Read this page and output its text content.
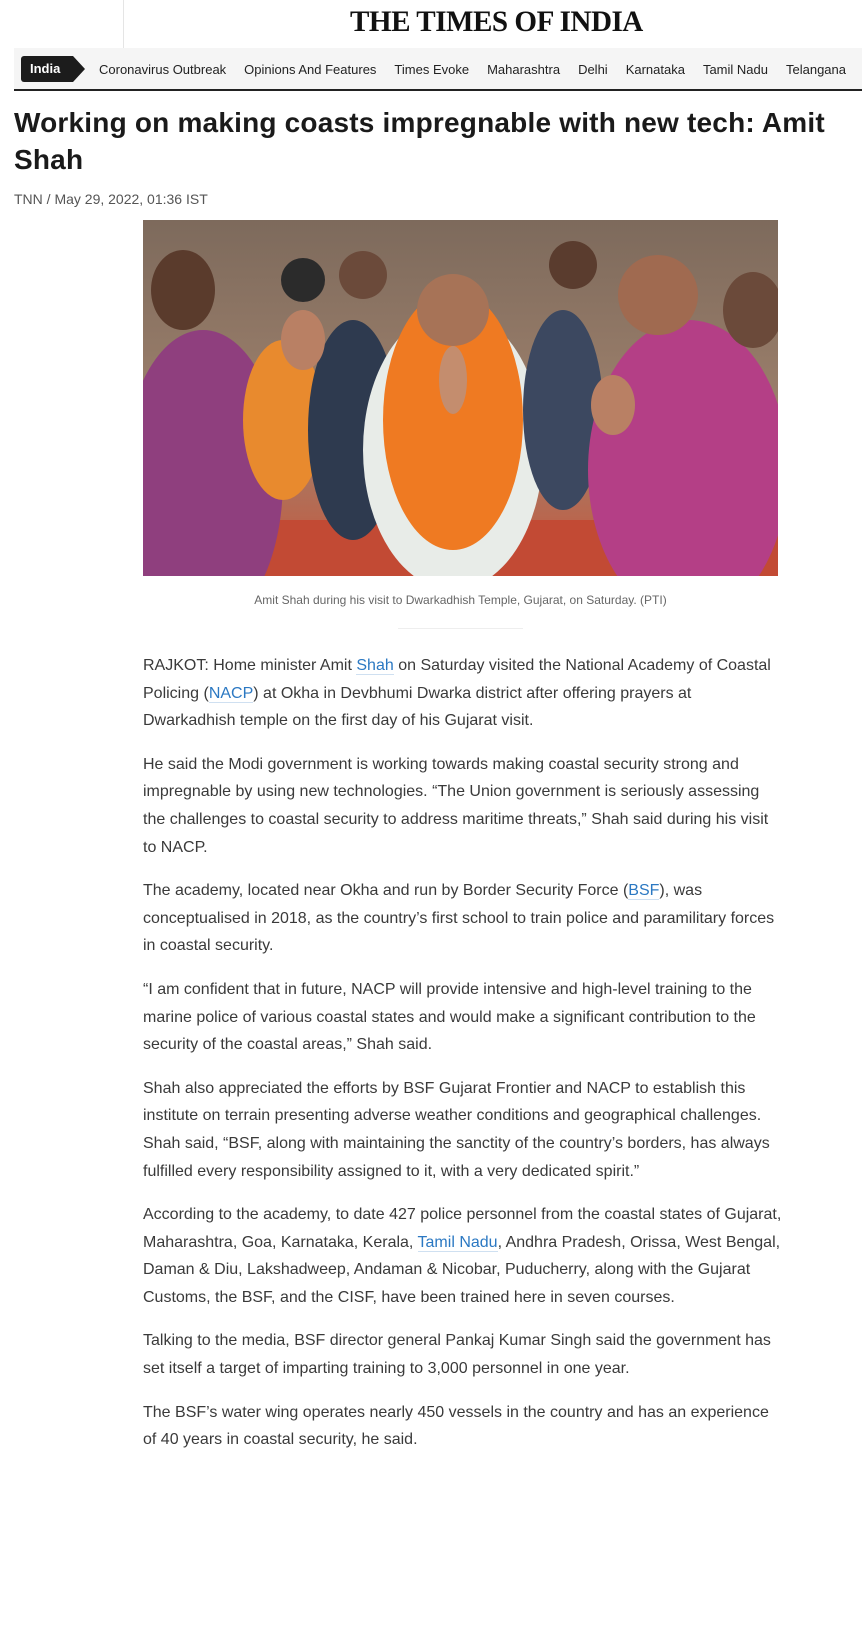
THE TIMES OF INDIA
India	Coronavirus Outbreak Opinions And Features Times Evoke Maharashtra Delhi Karnataka Tamil Nadu Telangana
Working on making coasts impregnable with new tech: Amit Shah
TNN / May 29, 2022, 01:36 IST
Amit Shah during his visit to Dwarkadhish Temple, Gujarat, on Saturday. (PTI)

RAJKOT: Home minister Amit Shah on Saturday visited the National Academy of Coastal Policing (NACP) at Okha in Devbhumi Dwarka district after offering prayers at Dwarkadhish temple on the first day of his Gujarat visit.

He said the Modi government is working towards making coastal security strong and impregnable by using new technologies. “The Union government is seriously assessing the challenges to coastal security to address maritime threats,” Shah said during his visit to NACP.

The academy, located near Okha and run by Border Security Force (BSF), was conceptualised in 2018, as the country’s first school to train police and paramilitary forces in coastal security.

“I am confident that in future, NACP will provide intensive and high-level training to the marine police of various coastal states and would make a significant contribution to the security of the coastal areas,” Shah said.

Shah also appreciated the efforts by BSF Gujarat Frontier and NACP to establish this institute on terrain presenting adverse weather conditions and geographical challenges. Shah said, “BSF, along with maintaining the sanctity of the country’s borders, has always fulfilled every responsibility assigned to it, with a very dedicated spirit.”

According to the academy, to date 427 police personnel from the coastal states of Gujarat, Maharashtra, Goa, Karnataka, Kerala, Tamil Nadu, Andhra Pradesh, Orissa, West Bengal, Daman & Diu, Lakshadweep, Andaman & Nicobar, Puducherry, along with the Gujarat Customs, the BSF, and the CISF, have been trained here in seven courses.

Talking to the media, BSF director general Pankaj Kumar Singh said the government has set itself a target of imparting training to 3,000 personnel in one year.

The BSF’s water wing operates nearly 450 vessels in the country and has an experience of 40 years in coastal security, he said.
